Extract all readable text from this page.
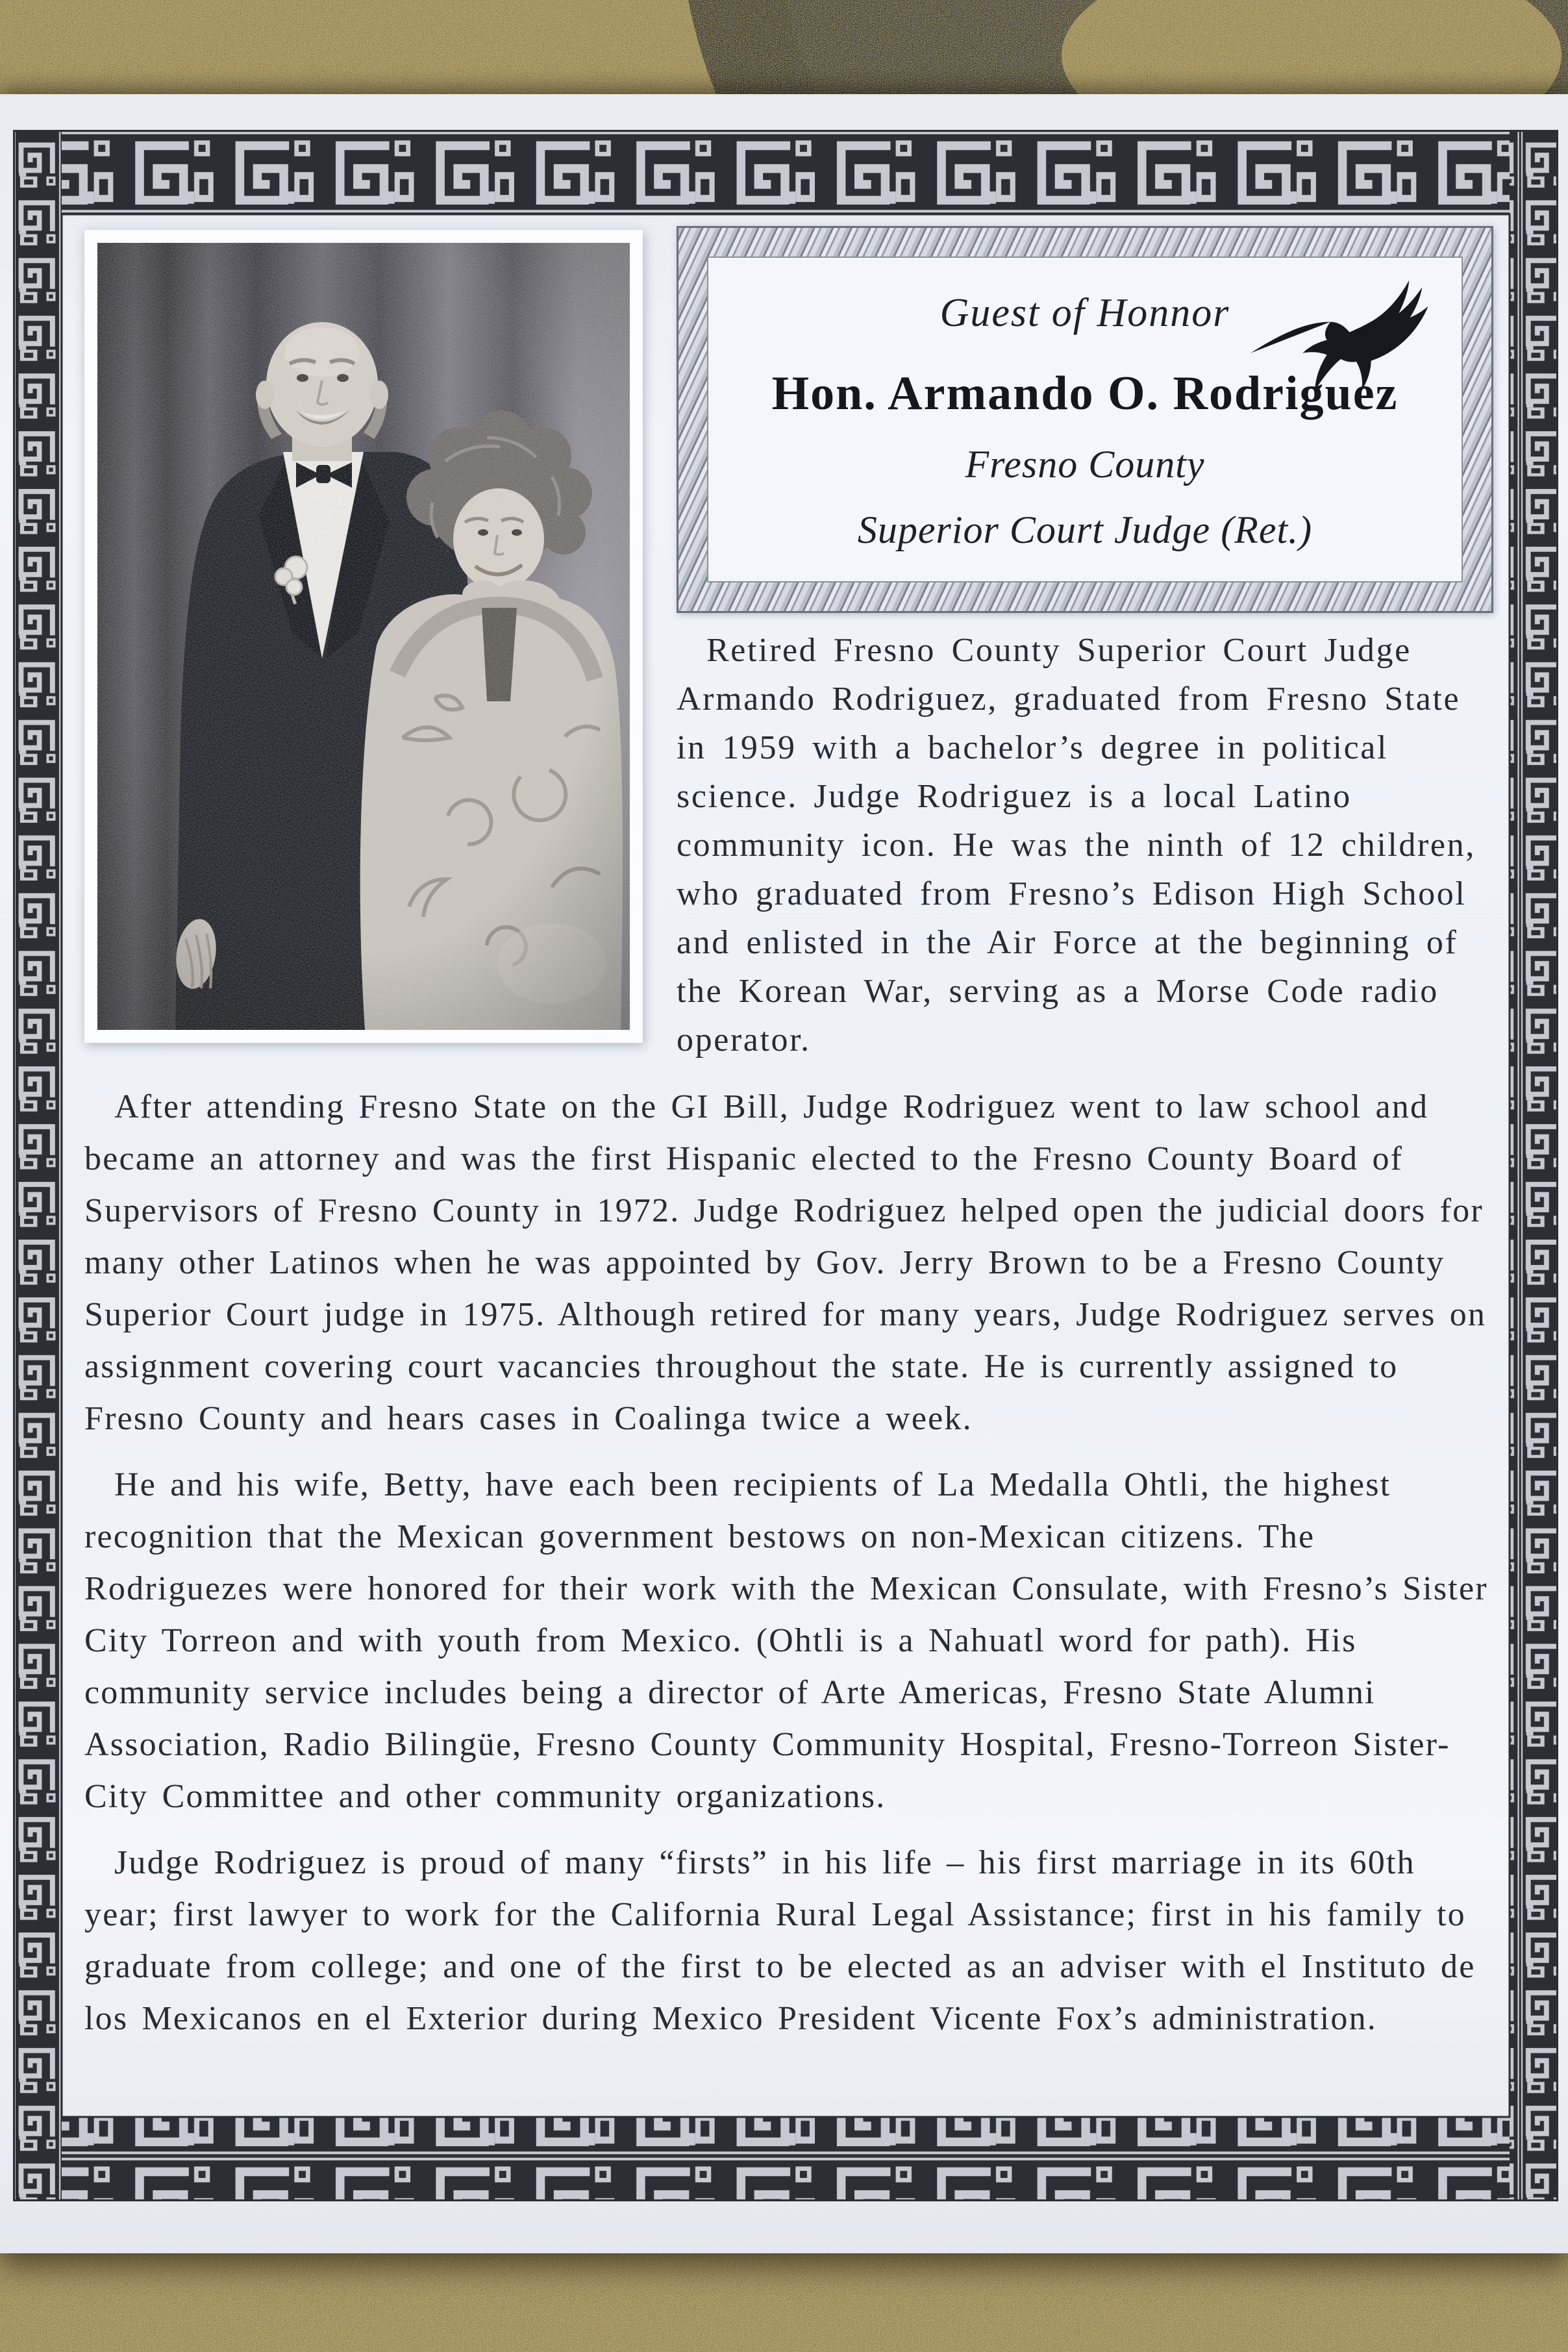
Guest of Honnor
Hon. Armando O. Rodriguez
Fresno County
Superior Court Judge (Ret.)

Retired Fresno County Superior Court Judge Armando Rodriguez, graduated from Fresno State in 1959 with a bachelor’s degree in political science. Judge Rodriguez is a local Latino community icon. He was the ninth of 12 children, who graduated from Fresno’s Edison High School and enlisted in the Air Force at the beginning of the Korean War, serving as a Morse Code radio operator.

After attending Fresno State on the GI Bill, Judge Rodriguez went to law school and became an attorney and was the first Hispanic elected to the Fresno County Board of Supervisors of Fresno County in 1972. Judge Rodriguez helped open the judicial doors for many other Latinos when he was appointed by Gov. Jerry Brown to be a Fresno County Superior Court judge in 1975. Although retired for many years, Judge Rodriguez serves on assignment covering court vacancies throughout the state. He is currently assigned to Fresno County and hears cases in Coalinga twice a week.

He and his wife, Betty, have each been recipients of La Medalla Ohtli, the highest recognition that the Mexican government bestows on non-Mexican citizens. The Rodriguezes were honored for their work with the Mexican Consulate, with Fresno’s Sister City Torreon and with youth from Mexico. (Ohtli is a Nahuatl word for path). His community service includes being a director of Arte Americas, Fresno State Alumni Association, Radio Bilingüe, Fresno County Community Hospital, Fresno-Torreon Sister-City Committee and other community organizations.

Judge Rodriguez is proud of many “firsts” in his life – his first marriage in its 60th year; first lawyer to work for the California Rural Legal Assistance; first in his family to graduate from college; and one of the first to be elected as an adviser with el Instituto de los Mexicanos en el Exterior during Mexico President Vicente Fox’s administration.
